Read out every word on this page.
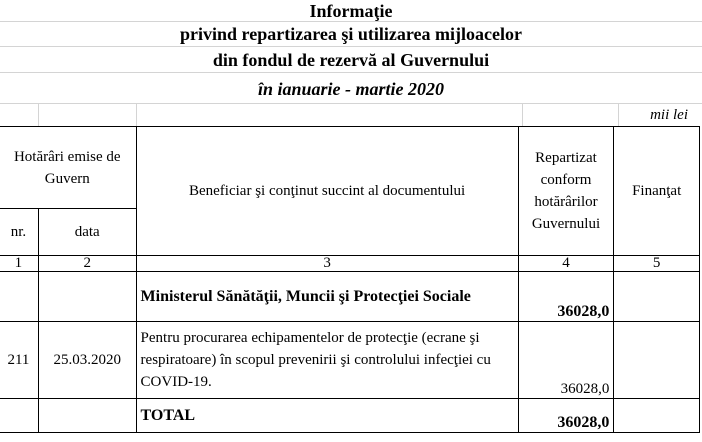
Informaţie
privind repartizarea şi utilizarea mijloacelor
din fondul de rezervă al Guvernului
în ianuarie - martie 2020
mii lei
Hotărâri emise de Guvern		Beneficiar şi conţinut succint al documentului	Repartizat conform hotărârilor Guvernului	Finanţat
nr.	data			
1	2	3	4	5
		Ministerul Sănătăţii, Muncii şi Protecţiei Sociale	36028,0	
211	25.03.2020	Pentru procurarea echipamentelor de protecţie (ecrane şi respiratoare) în scopul prevenirii şi controlului infecţiei cu COVID-19.	36028,0	
		TOTAL	36028,0	
